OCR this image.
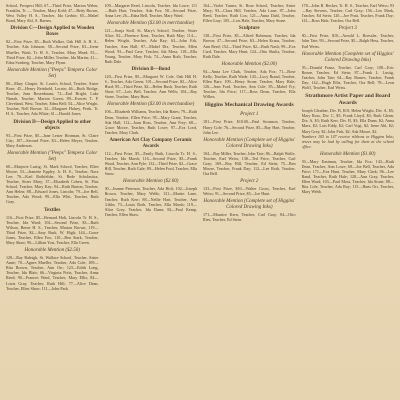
School, Prospect Hill; 67—Third Prize, Marion Weber, Franklin, Tr. — Teacher, Mary Kohl; 47—Betty Brown, West Valley H. S., Teacher, Ida Gerbin; 65—Mabel Bond, Mary Ahl, A. Barnes.

Division C—Design Applied to Wooden Boxes

82—First Prize, $5—Ruth Walker, Oak Hill Jr. H. S., Teacher, Ada Johnson; 58—Second Prize, $3—Irene Mueller, Wash. Tr. H. S., Teacher, Mary Mead; 55—Third Prize, $2—John Miller, Teacher, Ida Martin; 41—Edna Sonberg, Teacher, Mary Flynn.

Honorable Mention ("Peeps" Tempera Color Set)

80—Mary Glaspie, St. Louis's School, Teacher, Sister Rose; 45—Henry Reinhold, Lorain; 46—Ruth Bridge, Teacher, Jean Rosenbaum; 72—Earl Bright, Lake Nimah, Teacher, Marion Green; 89—Everett T. P. Cleveland, West, Teacher, Edna Bell; 54—Alice Wright, Teacher, Nell Brown; 32—Margaret Halsey, Perth, Tr. H. S., Teacher, Ada White; 61—Harold Jones.

Division D—Design Applied to other objects

93—First Prize, $5—Jane Lester Hortman, St. Claire City; 107—Second Prize, $3—Helen Meyer, Teacher, Mary Anderson.

Honorable Mention ("Peeps" Tempera Color Set)

60—Marjorie Lustig, St. Mark School, Teacher, Ellen Moore; 53—Jeanette Eppley, Jr. H. S., Teacher, Nora Lee; 76—Karl Rothfelder, St. Bede Scholastica, Teacher, Sister Mary; 37—Elizabeth Cohen, St. Pius School, Teacher, Mary Kay; 94—Ruth Burton, Teacher, Ann Helen; 88—Edward Jones, Lincoln; 79—Joe Bell, Teacher, Ada Wood; 99—Ella Whit, Teacher, Ruth Gray.

Textiles

116—First Prize, $5—Bernard Holt, Lincoln Tr. H. S., Teacher, Ida Ward; 102—Second Prize, $3—Ruth Wilson, Berne H. S., Teacher, Marion Brown; 119—Third Prize, $2—Amy Burk, W. High; 144—Grace Jones, Teacher, Ellen Fox; 110—Ben Stark, Teacher, Mary Shaw; 96—Lillian Yost, Teacher, Ella Green.

Honorable Mention ($2.50)

128—Ray Raleigh, St. Wallace School, Teacher, Sister Anne; 70—Agnes Mueller, Teacher, Ada Cole; 109—Rita Brown, Teacher, Ann Orr; 123—Edith Long, Teacher, Ida Blair; 66—Virginia Potts, Teacher, Anna Reed; 90—Frances Ward, Teacher, Mary Ellis; 84—Louis Gray, Teacher, Ruth Hill; 77—Alice Dean, Teacher, Ellen Shaw; 111—John Park.

109—Margaret Reed, Lincoln, Teacher, Ida Lowe; 111—Ruth Hart, Teacher, Ada Fox; 58—Second Prize, Anna Lee; 26—Edna Bell, Teacher, Mary Ward.

Honorable Mention ($3.00 in merchandise)

121—Sonja Stoll, St. Mary's School, Teacher, Sister Alice; 82—Florence Kent, Teacher, Ruth May; 114—Helen Wright, Teacher, Ada Ray; 63—John Erb, Teacher, Ann Hall; 87—Mabel Dix, Teacher, Ellen Wood; 93—Paul Case, Teacher, Ida Moss; 118—Ella Young, Teacher, Mary Fisk; 74—Anna Roth, Teacher, Ruth Dale.

Division B—Bond

120—First Prize, $5—Margaret W. Cole, Oak Hill H. S., Teacher, Ada Green; 101—Second Prize, $3—Alice Hurd; 85—Third Prize, $2—Helen Bush, Teacher, Ruth Short; 67—Lois Bell, Teacher, Ann Wells; 104—Ray Stone, Teacher, Mary Hunt.

Honorable Mention ($3.00 in merchandise)

106—Elizabeth Williams, Teacher, Ida Bates; 79—Ruth Dean, Teacher, Ellen Price; 95—Mary Grant, Teacher, Ada Hall; 112—Joan Ross, Teacher, Ann Frey; 68—Grace Moore, Teacher, Ruth Lowe; 97—Eva Lord, Teacher, Mary Clark.

American Art Clay Company Ceramic Awards

112—First Prize, $5—Emily Ruth, Lincoln Tr. H. S., Teacher, Ida Marsh; 116—Second Prize, $3—Frank Wood, Teacher, Ann Pyle; 132—Third Prize, $2—Grace Hill, Teacher, Ruth Gale; 89—Helen Ford, Teacher, Ella Snow.

Honorable Mention ($2.00)

90—Jeanne Peterson, Teacher, Ada Holt; 102—Joseph Brown, Teacher, Mary Webb; 131—Martin Lane, Teacher, Ruth Kerr; 88—Nellie Hart, Teacher, Ann Gibbs; 73—Louis Roth, Teacher, Ella Marsh; 119—Alice Grey, Teacher, Ida Dunn; 82—Paul Kemp, Teacher, Ellen Shaw.

164—Violet Turner, St. Rose School, Teacher, Sister Mary; 93—Clara Hill, Teacher, Ada Lane; 87—John Reed, Teacher, Ruth Cox; 121—Anna Dahl, Teacher, Ellen Gray; 105—Lois Hale, Teacher, Mary Stone.

Sculpture

138—First Prize, $5—Alfred Robinson, Teacher, Ida Brown; 47—Second Prize, $3—Helen Kraus, Teacher, Ann Reed; 152—Third Prize, $2—Ruth Nash; 99—Eva Card, Teacher, Mary Hunt; 124—Otto Shultz, Teacher, Ruth Dale.

Honorable Mention ($2.00)

94—Anna Lee Clark, Teacher, Ada Fox; 71—Rose Kelly, Teacher, Ruth Wade; 143—Lucy Brand, Teacher, Ellen Barr; 109—Henry Stone, Teacher, Mary Hale; 126—Jean Ford, Teacher, Ann Cole; 85—Mabel Fry, Teacher, Ida Price; 117—Ross Dean, Teacher, Ella Wilkes.

Higgins Mechanical Drawing Awards
Project 1

181—First Prize, $10.00—Paul Swanson, Teacher, Harry Cole; 76—Second Prize, $5—Ray Hart, Teacher, John Lee.

Honorable Mention (Complete set of Higgins' Colored Drawing Inks)

104—Ray Miller, Teacher, John Tate; 86—Ralph Wolfe, Teacher, Earl Weiss; 138—Ted Price, Teacher, Carl Gray; 169—Roy Hill, Teacher, Ed Stein; 75—Ben Moore, Teacher, Frank Day; 112—Lee Roth, Teacher, Ora Bell.

Project 2

133—First Prize, $10—Walter Gross, Teacher, Earl Weiss; 91—Second Prize, $5—Joe Hunt.

Honorable Mention (Complete set of Higgins' Colored Drawing Inks)

171—Maurice Kern, Teacher, Carl Gray; 84—Otto Ries, Teacher, Ed Stein.

178—John R. Becker, Tr. H. S., Teacher, Earl Weiss; 93—Ray Stevens, Teacher, Carl Gray; 156—Leo Mark, Teacher, Ed Stein; 120—Joe Pratt, Teacher, Frank Day; 141—Ross Hale, Teacher, Ora Bell.

Project 3

80—First Prize, $10—Arnold L. Roessler, Teacher, John Tate; 99—Second Prize, $5—Ralph Hess, Teacher, Earl Weiss.

Honorable Mention (Complete set of Higgins' Colored Drawing Inks)

95—Donald Franz, Teacher, Carl Gray; 108—Eric Boone, Teacher, Ed Stein; 87—Frank L. Lustig, Teacher, John Tate; 64—Ray Barnes, Teacher, Frank Day; 142—Hugh Ellis, Teacher, Ora Bell; 78—Leon Wolff, Teacher, Earl Weiss.

Strathmore Artist Paper and Board Awards

Joseph Gleather, Div. B, $10; Helen Wright, Div. A, $5; Mary Ross, Div. C, $5; Frank Lloyd, $3; Ruth Glenn, Div. A, $3; Ruth Kerr, Div. B, $3; Ella Dunn, $2; Anna Marx, $2; Lois Eddy, $2; Carl Vogt, $2; Irene Ahl, $2; Mary Grey, $2; John Fisk, $2; Ada Moore, $2.

Numbers 105 to 147 receive ribbons or Higgins Inks; prizes may be had by calling for them at the school office.

Honorable Mention ($1.00)

59—Mary Eastman, Teacher, Ida Fox; 143—Ruth Dean, Teacher, Ann Lowe; 68—Joe Bell, Teacher, Ada Price; 171—Eva Hunt, Teacher, Mary Clark; 96—Lee Rand, Teacher, Ruth Hale; 128—Ann Gray, Teacher, Ellen Ward; 103—Paul Moss, Teacher, Ida Stone; 88—Rita Cole, Teacher, Ada Ray; 115—Hans Orr, Teacher, Mary Webb.
